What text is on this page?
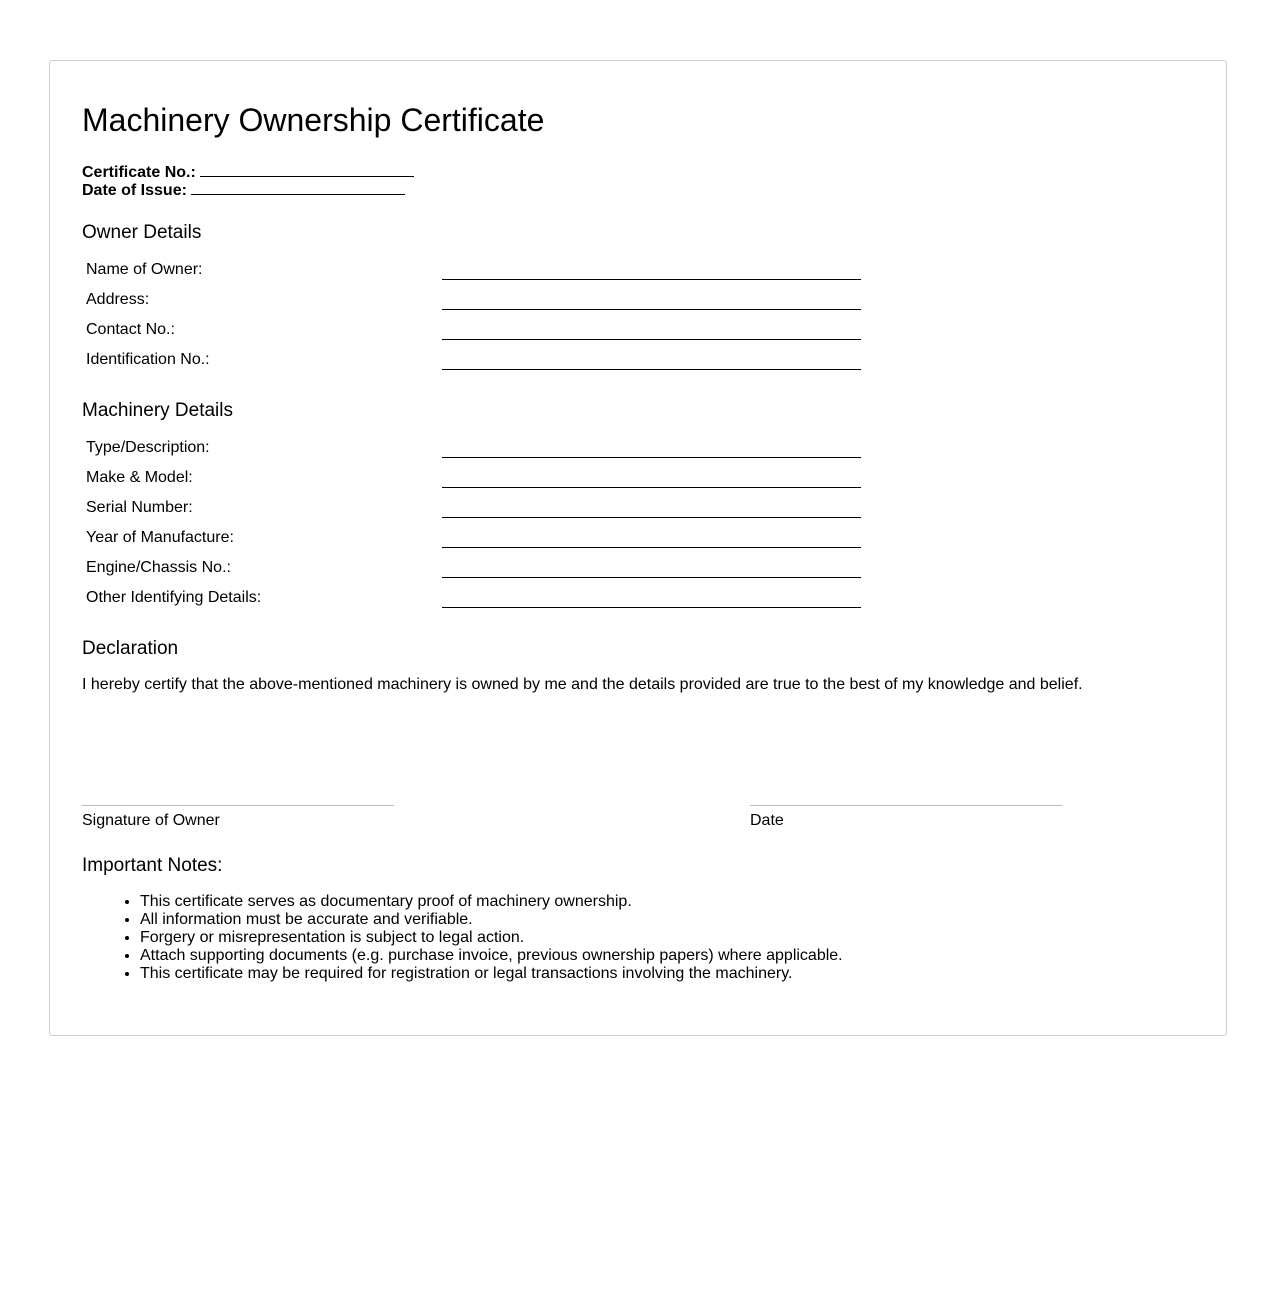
Machinery Ownership Certificate
Certificate No.:
Date of Issue:
Owner Details
Name of Owner:
Address:
Contact No.:
Identification No.:
Machinery Details
Type/Description:
Make & Model:
Serial Number:
Year of Manufacture:
Engine/Chassis No.:
Other Identifying Details:
Declaration

I hereby certify that the above-mentioned machinery is owned by me and the details provided are true to the best of my knowledge and belief.

Signature of Owner	Date
Important Notes:
• This certificate serves as documentary proof of machinery ownership.
• All information must be accurate and verifiable.
• Forgery or misrepresentation is subject to legal action.
• Attach supporting documents (e.g. purchase invoice, previous ownership papers) where applicable.
• This certificate may be required for registration or legal transactions involving the machinery.
